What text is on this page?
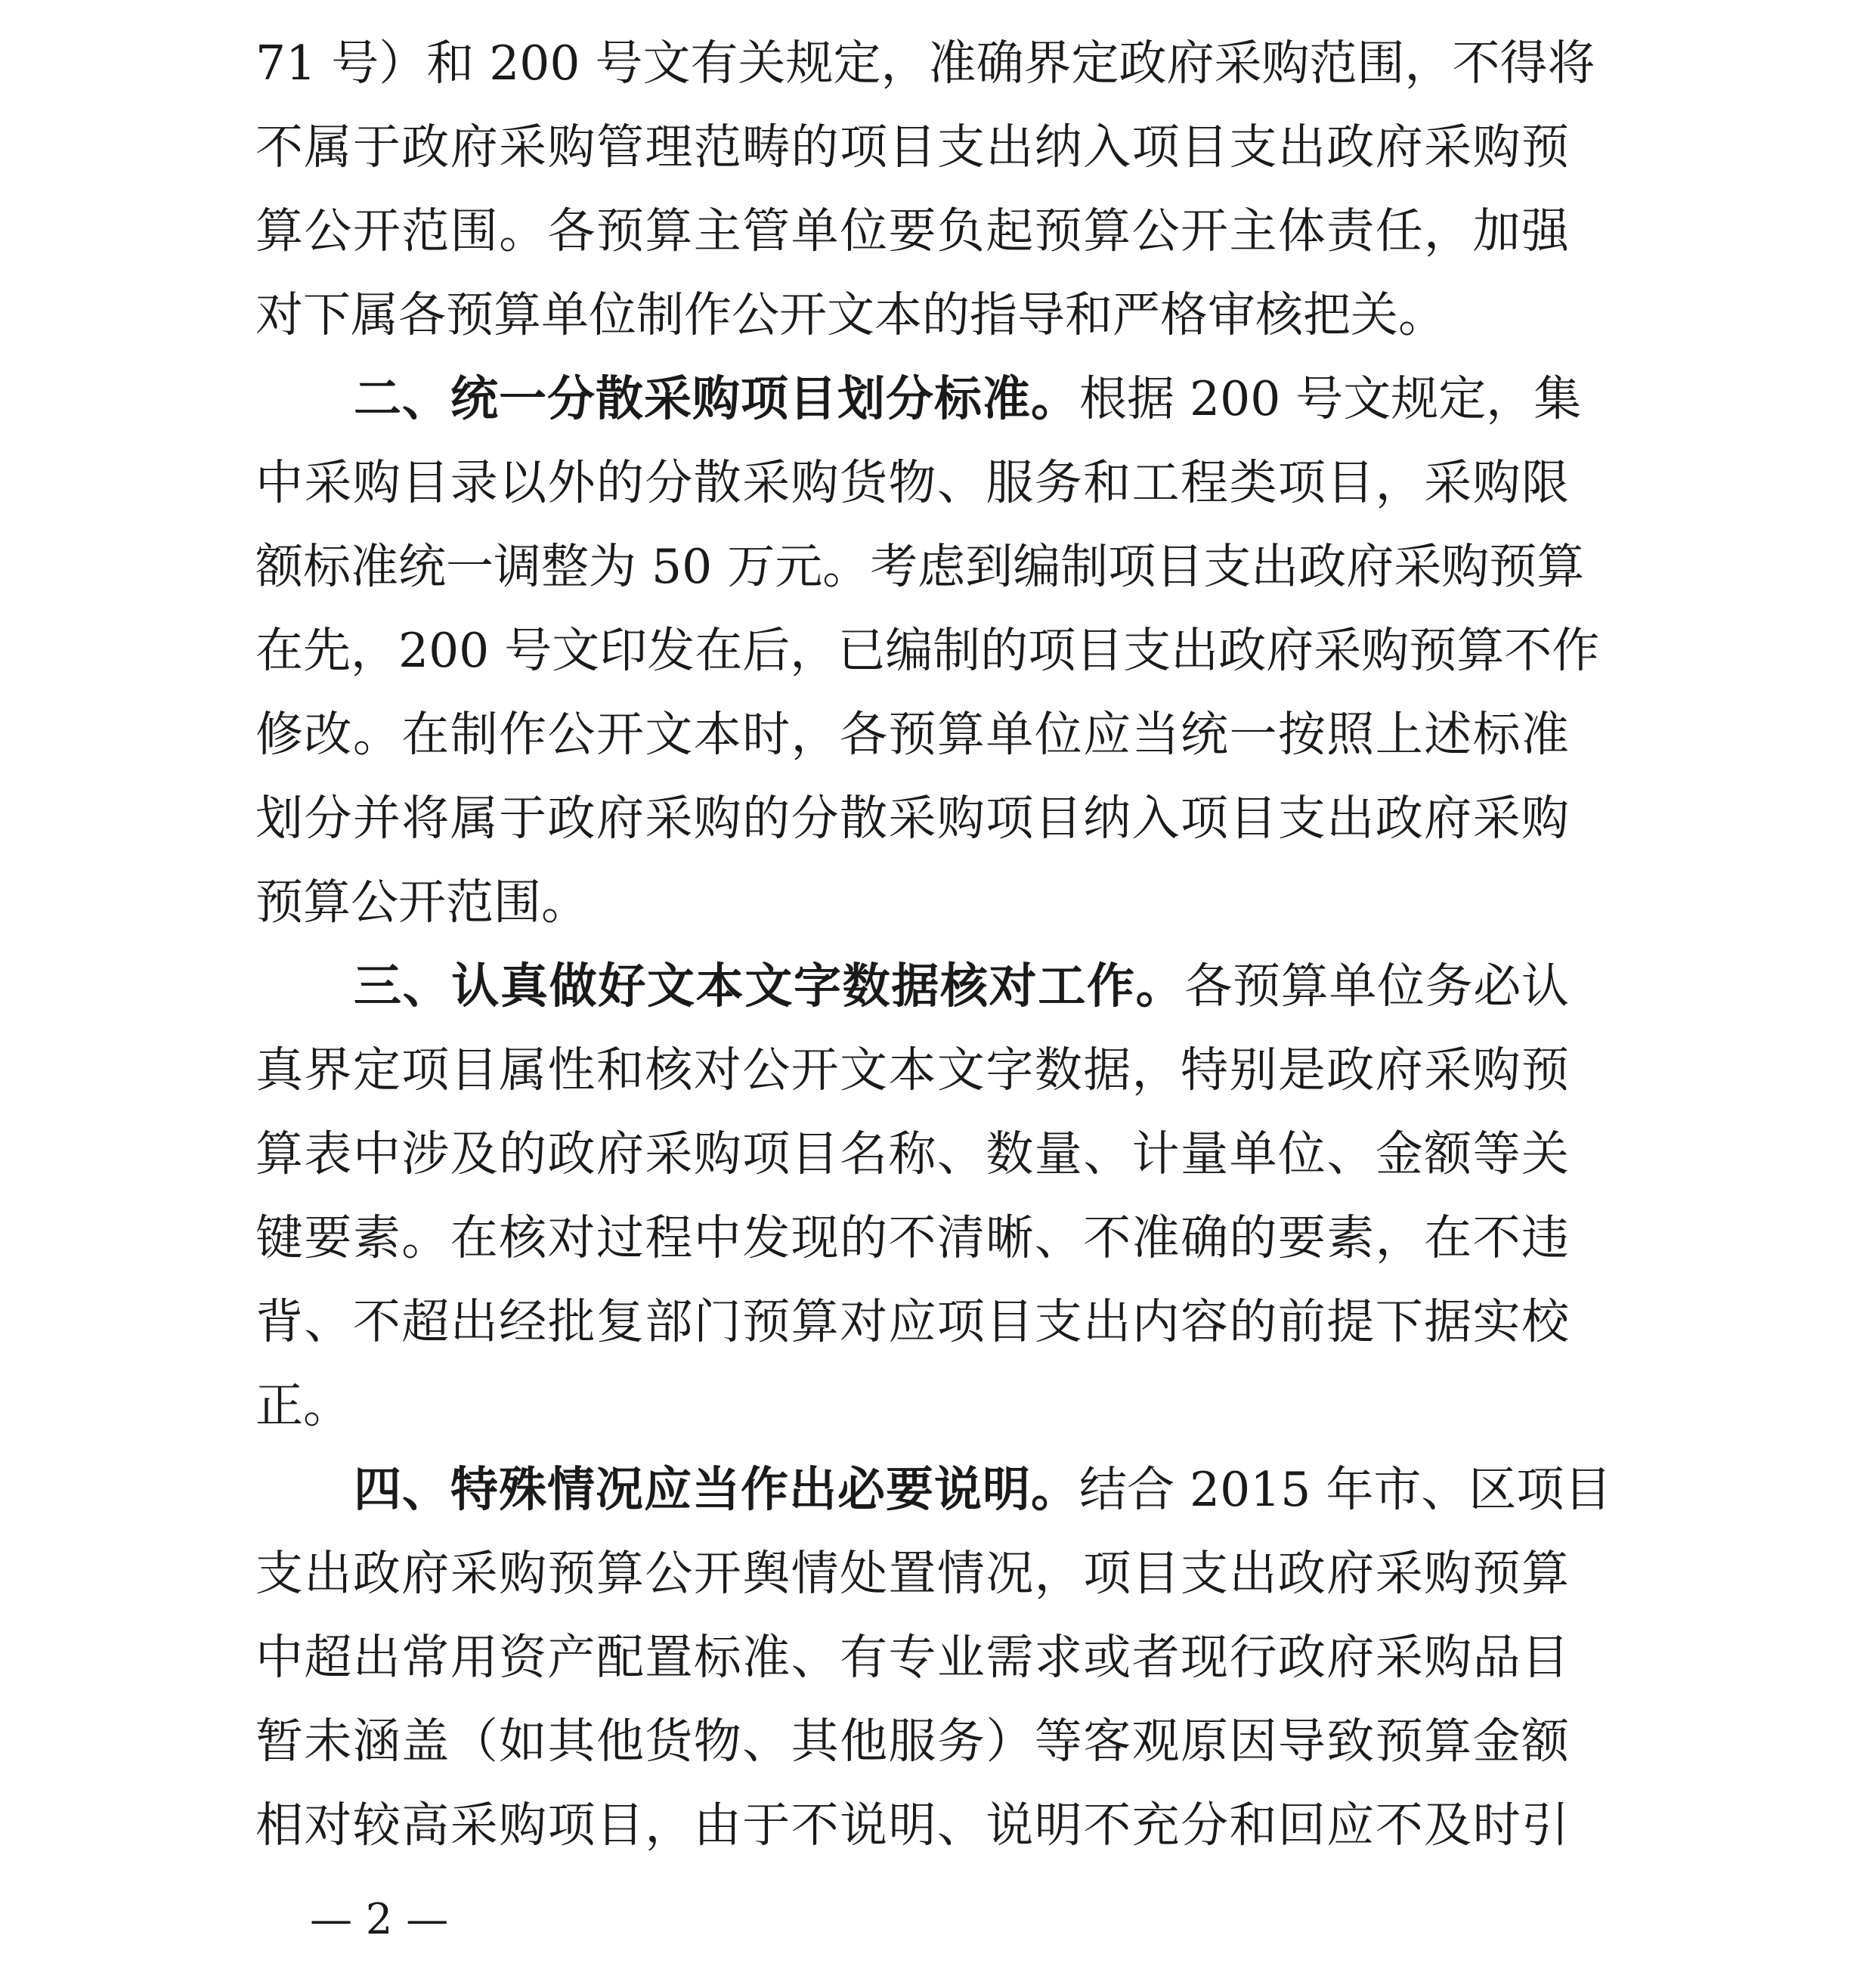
71 号）和 200 号文有关规定，准确界定政府采购范围，不得将
不属于政府采购管理范畴的项目支出纳入项目支出政府采购预
算公开范围。各预算主管单位要负起预算公开主体责任，加强
对下属各预算单位制作公开文本的指导和严格审核把关。
二、统一分散采购项目划分标准。根据 200 号文规定，集
中采购目录以外的分散采购货物、服务和工程类项目，采购限
额标准统一调整为 50 万元。考虑到编制项目支出政府采购预算
在先，200 号文印发在后，已编制的项目支出政府采购预算不作
修改。在制作公开文本时，各预算单位应当统一按照上述标准
划分并将属于政府采购的分散采购项目纳入项目支出政府采购
预算公开范围。
三、认真做好文本文字数据核对工作。各预算单位务必认
真界定项目属性和核对公开文本文字数据，特别是政府采购预
算表中涉及的政府采购项目名称、数量、计量单位、金额等关
键要素。在核对过程中发现的不清晰、不准确的要素，在不违
背、不超出经批复部门预算对应项目支出内容的前提下据实校
正。
四、特殊情况应当作出必要说明。结合 2015 年市、区项目
支出政府采购预算公开舆情处置情况，项目支出政府采购预算
中超出常用资产配置标准、有专业需求或者现行政府采购品目
暂未涵盖（如其他货物、其他服务）等客观原因导致预算金额
相对较高采购项目，由于不说明、说明不充分和回应不及时引
— 2 —
